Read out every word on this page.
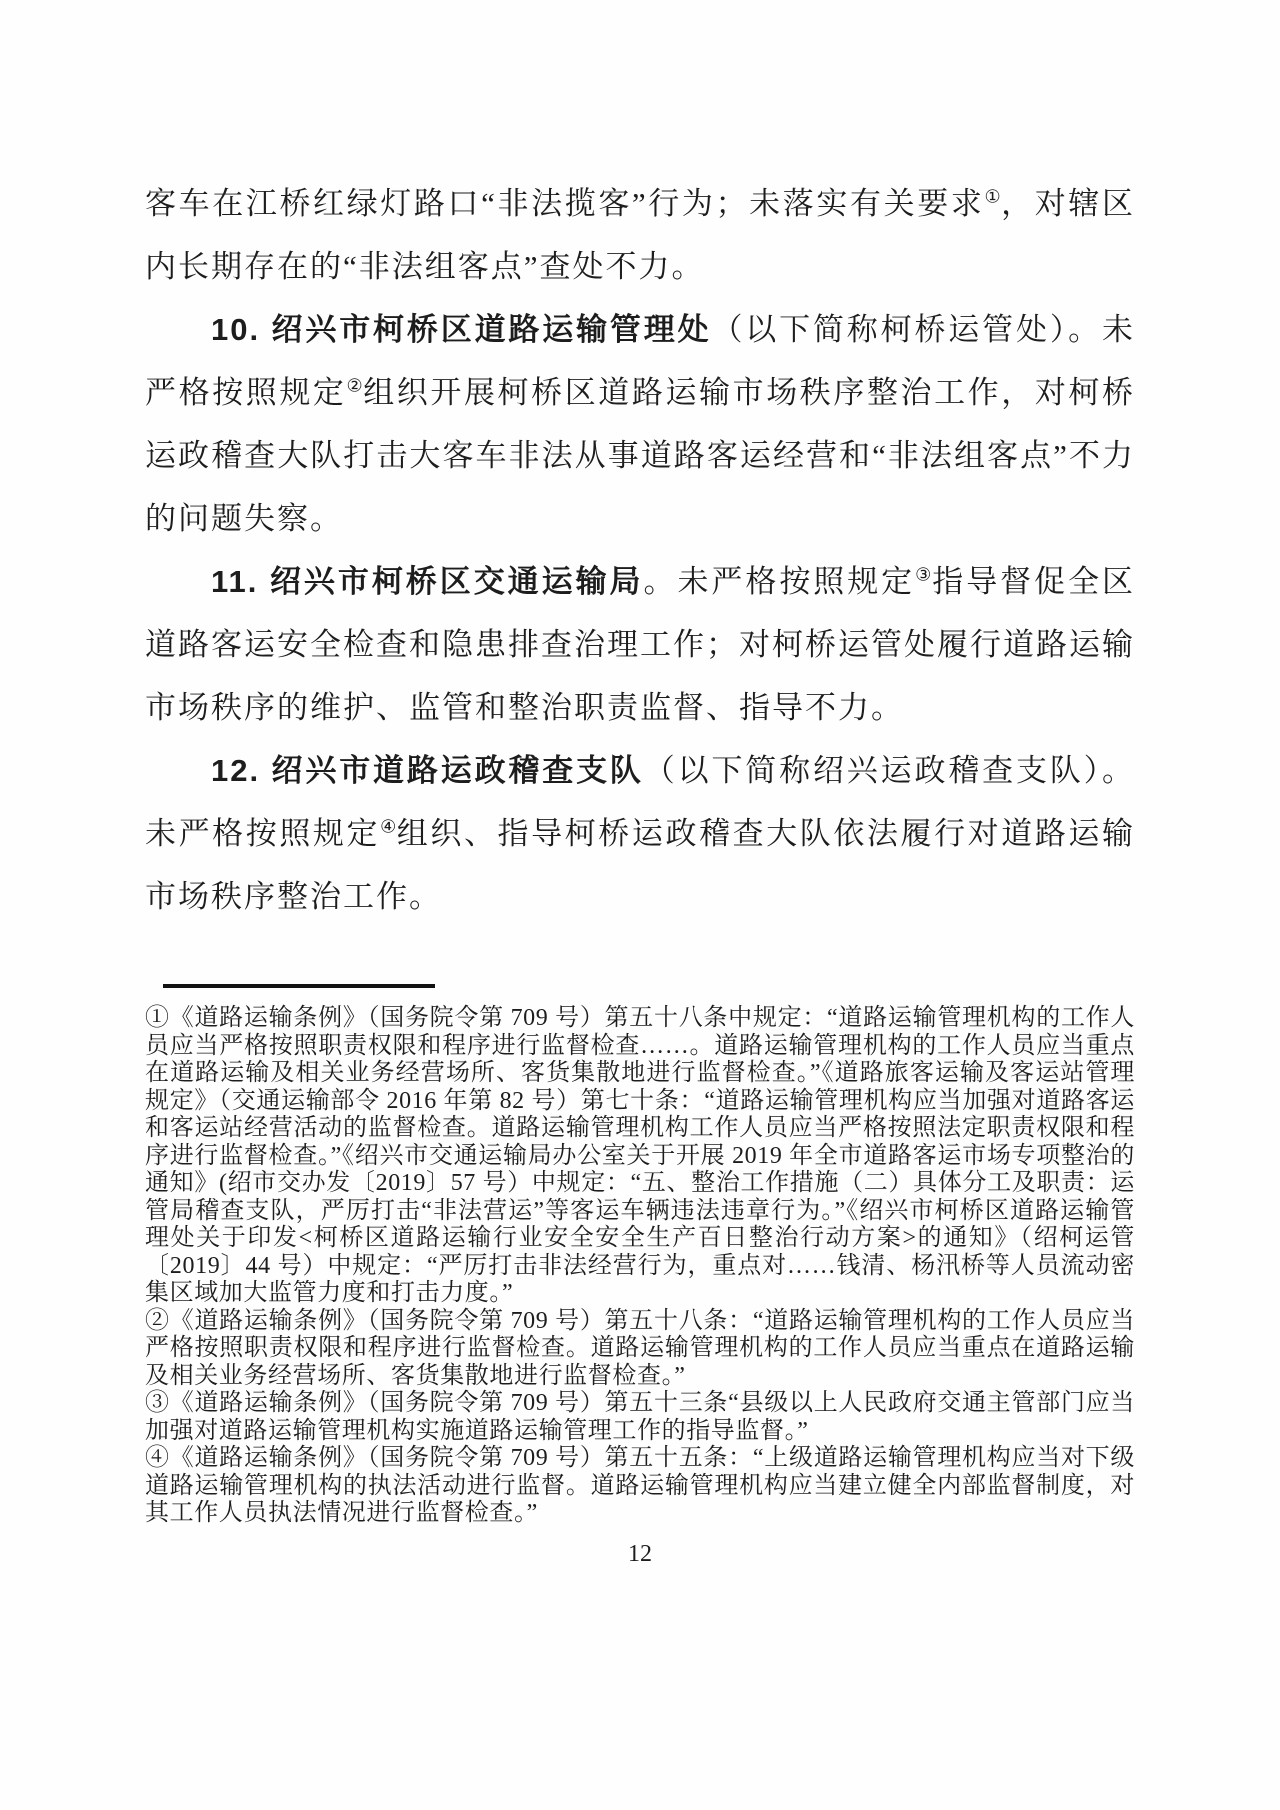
客车在江桥红绿灯路口“非法揽客”行为；未落实有关要求①，对辖区内长期存在的“非法组客点”查处不力。

10. 绍兴市柯桥区道路运输管理处（以下简称柯桥运管处）。未严格按照规定②组织开展柯桥区道路运输市场秩序整治工作，对柯桥运政稽查大队打击大客车非法从事道路客运经营和“非法组客点”不力的问题失察。

11. 绍兴市柯桥区交通运输局。未严格按照规定③指导督促全区道路客运安全检查和隐患排查治理工作；对柯桥运管处履行道路运输市场秩序的维护、监管和整治职责监督、指导不力。

12. 绍兴市道路运政稽查支队（以下简称绍兴运政稽查支队）。未严格按照规定④组织、指导柯桥运政稽查大队依法履行对道路运输市场秩序整治工作。

①《道路运输条例》（国务院令第 709 号）第五十八条中规定：“道路运输管理机构的工作人员应当严格按照职责权限和程序进行监督检查……。道路运输管理机构的工作人员应当重点在道路运输及相关业务经营场所、客货集散地进行监督检查。”《道路旅客运输及客运站管理规定》（交通运输部令 2016 年第 82 号）第七十条：“道路运输管理机构应当加强对道路客运和客运站经营活动的监督检查。道路运输管理机构工作人员应当严格按照法定职责权限和程序进行监督检查。”《绍兴市交通运输局办公室关于开展 2019 年全市道路客运市场专项整治的通知》(绍市交办发〔2019〕57 号）中规定：“五、整治工作措施（二）具体分工及职责：运管局稽查支队，严厉打击“非法营运”等客运车辆违法违章行为。”《绍兴市柯桥区道路运输管理处关于印发<柯桥区道路运输行业安全安全生产百日整治行动方案>的通知》（绍柯运管〔2019〕44 号）中规定：“严厉打击非法经营行为，重点对……钱清、杨汛桥等人员流动密集区域加大监管力度和打击力度。”

②《道路运输条例》（国务院令第 709 号）第五十八条：“道路运输管理机构的工作人员应当严格按照职责权限和程序进行监督检查。道路运输管理机构的工作人员应当重点在道路运输及相关业务经营场所、客货集散地进行监督检查。”

③《道路运输条例》（国务院令第 709 号）第五十三条“县级以上人民政府交通主管部门应当加强对道路运输管理机构实施道路运输管理工作的指导监督。”

④《道路运输条例》（国务院令第 709 号）第五十五条：“上级道路运输管理机构应当对下级道路运输管理机构的执法活动进行监督。道路运输管理机构应当建立健全内部监督制度，对其工作人员执法情况进行监督检查。”

12
